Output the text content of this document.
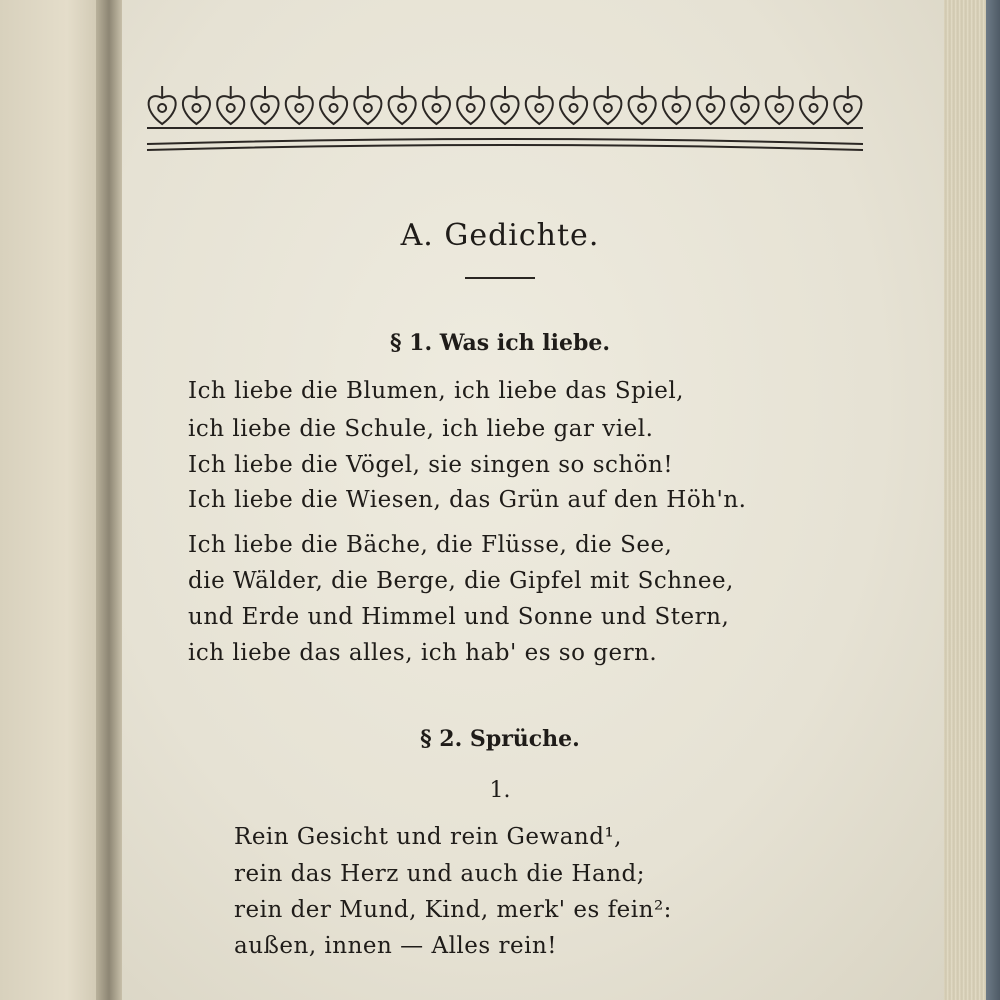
A. Gedichte.
§ 1. Was ich liebe.
Ich liebe die Blumen, ich liebe das Spiel,
ich liebe die Schule, ich liebe gar viel.
Ich liebe die Vögel, sie singen so schön!
Ich liebe die Wiesen, das Grün auf den Höh'n.
Ich liebe die Bäche, die Flüsse, die See,
die Wälder, die Berge, die Gipfel mit Schnee,
und Erde und Himmel und Sonne und Stern,
ich liebe das alles, ich hab' es so gern.
§ 2. Sprüche.
1.
Rein Gesicht und rein Gewand¹,
rein das Herz und auch die Hand;
rein der Mund, Kind, merk' es fein²:
außen, innen — Alles rein!
